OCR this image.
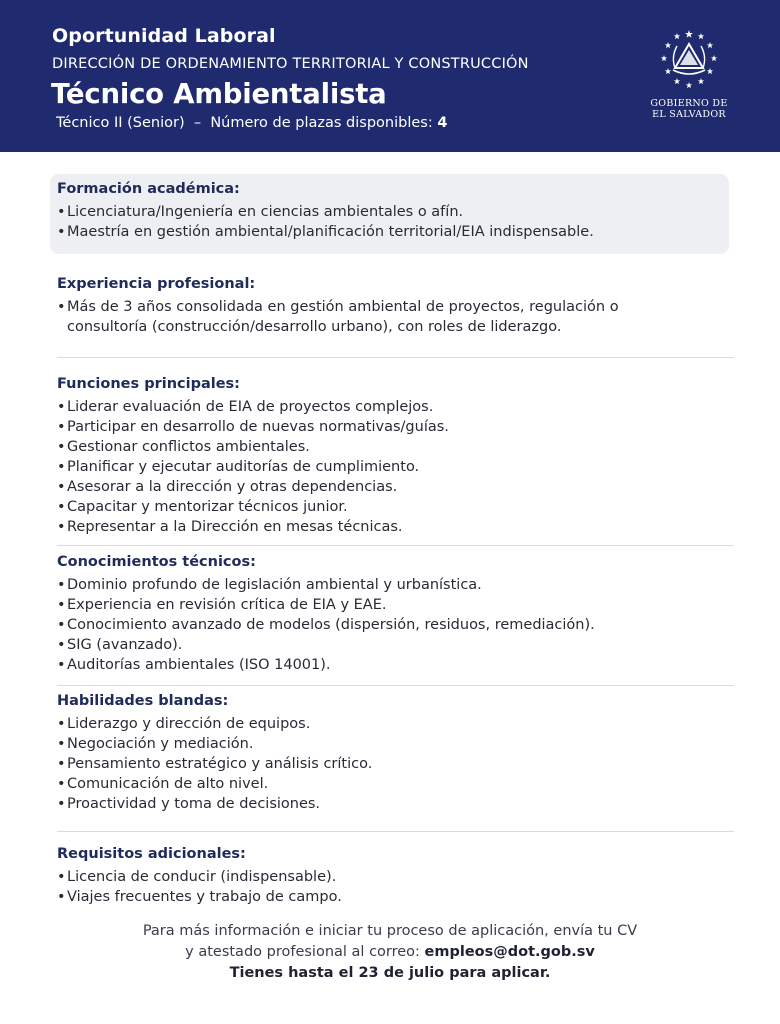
Oportunidad Laboral
DIRECCIÓN DE ORDENAMIENTO TERRITORIAL Y CONSTRUCCIÓN
Técnico Ambientalista
Técnico II (Senior) – Número de plazas disponibles: 4
GOBIERNO DE
EL SALVADOR
Formación académica:
• Licenciatura/Ingeniería en ciencias ambientales o afín.
• Maestría en gestión ambiental/planificación territorial/EIA indispensable.
Experiencia profesional:
• Más de 3 años consolidada en gestión ambiental de proyectos, regulación o consultoría (construcción/desarrollo urbano), con roles de liderazgo.
Funciones principales:
• Liderar evaluación de EIA de proyectos complejos.
• Participar en desarrollo de nuevas normativas/guías.
• Gestionar conflictos ambientales.
• Planificar y ejecutar auditorías de cumplimiento.
• Asesorar a la dirección y otras dependencias.
• Capacitar y mentorizar técnicos junior.
• Representar a la Dirección en mesas técnicas.
Conocimientos técnicos:
• Dominio profundo de legislación ambiental y urbanística.
• Experiencia en revisión crítica de EIA y EAE.
• Conocimiento avanzado de modelos (dispersión, residuos, remediación).
• SIG (avanzado).
• Auditorías ambientales (ISO 14001).
Habilidades blandas:
• Liderazgo y dirección de equipos.
• Negociación y mediación.
• Pensamiento estratégico y análisis crítico.
• Comunicación de alto nivel.
• Proactividad y toma de decisiones.
Requisitos adicionales:
• Licencia de conducir (indispensable).
• Viajes frecuentes y trabajo de campo.
Para más información e iniciar tu proceso de aplicación, envía tu CV
y atestado profesional al correo: empleos@dot.gob.sv
Tienes hasta el 23 de julio para aplicar.
